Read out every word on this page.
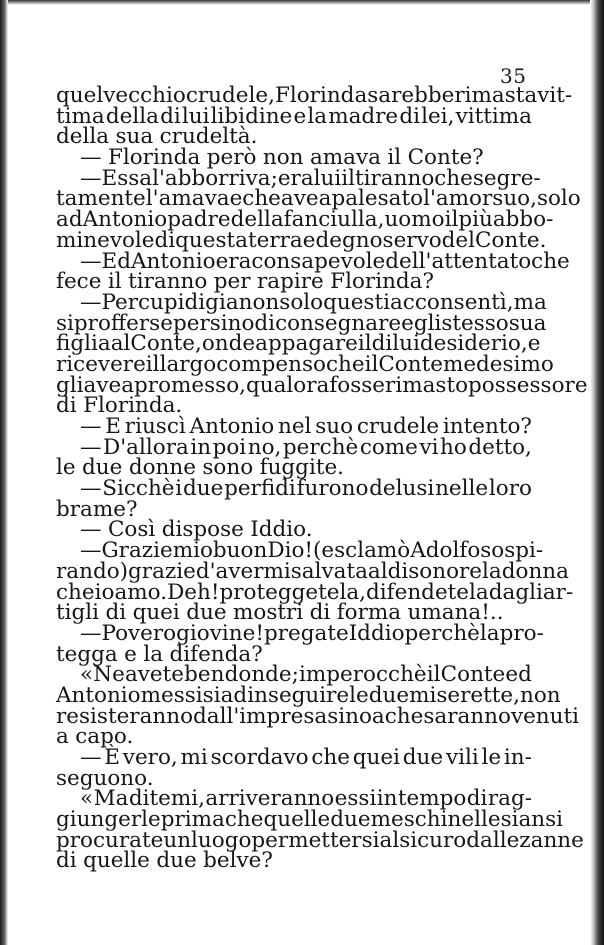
35
quel vecchio crudele, Florinda sarebbe rimasta vit-
tima della di lui libidine e la madre di lei, vittima
della sua crudeltà.
— Florinda però non amava il Conte?
— Essa l'abborriva; era lui il tiranno che segre-
tamente l'amava e che avea palesato l'amor suo, solo
ad Antonio padre della fanciulla, uomo il più abbo-
minevole di questa terra e degno servo del Conte.
— Ed Antonio era consapevole dell'attentato che
fece il tiranno per rapire Florinda?
— Per cupidigia non solo questi acconsentì, ma
si profferse persino di consegnare egli stesso sua
figlia al Conte, onde appagare il di lui desiderio, e
ricevere il largo compenso che il Conte medesimo
gli avea promesso, qualora fosse rimasto possessore
di Florinda.
— E riuscì Antonio nel suo crudele intento?
— D'allora in poi no, perchè come vi ho detto,
le due donne sono fuggite.
— Sicchè i due perfidi furono delusi nelle loro
brame?
— Così dispose Iddio.
— Grazie mio buon Dio! (esclamò Adolfo sospi-
rando) grazie d' avermi salvata al disonore la donna
che io amo. Deh! proteggetela, difendetela dagli ar-
tigli di quei due mostri di forma umana!..
— Povero giovine! pregate Iddio perchè la pro-
tegga e la difenda?
« Ne avete ben donde; imperocchè il Conte ed
Antonio messisi ad inseguire le due miserette, non
resisteranno dall' impresa sino a che saranno venuti
a capo.
— È vero, mi scordavo che quei due vili le in-
seguono.
« Ma ditemi, arriveranno essi in tempo di rag-
giungerle prima che quelle due meschinelle siansi
procurate un luogo per mettersi al sicuro dalle zanne
di quelle due belve?
